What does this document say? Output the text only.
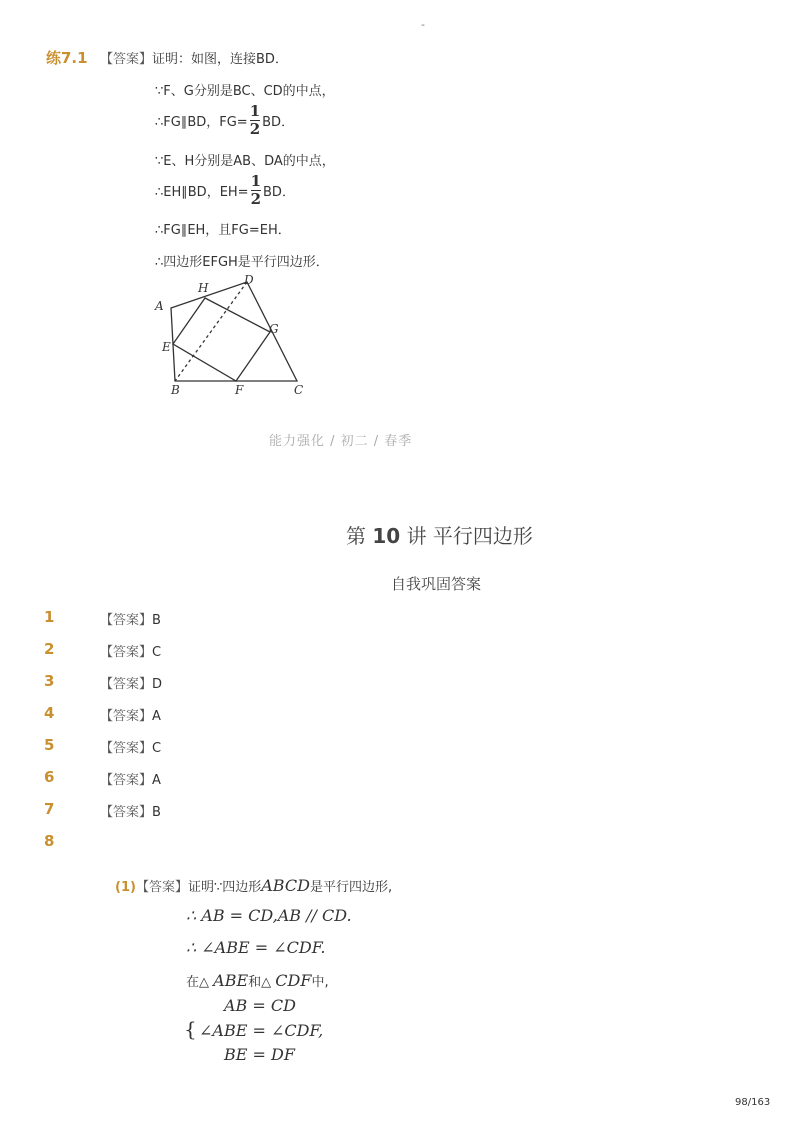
-
练7.1 【答案】证明：如图，连接BD．
∵F、G分别是BC、CD的中点，
∴FG∥BD，$FG= \frac{1}{2}$ BD．
∵E、H分别是AB、DA的中点，
∴EH∥BD，$EH= \frac{1}{2}$ BD．
∴FG∥EH，且FG=EH．
∴四边形EFGH是平行四边形．
A
B	C
D
E
F
G
H
能力强化 / 初二 / 春季
第 10 讲 平行四边形
自我巩固答案
1	【答案】B
2	【答案】C
3	【答案】D
4	【答案】A
5	【答案】C
6	【答案】A
7	【答案】B
8
(1)【答案】证明∵四边形ABCD是平行四边形,
∴ AB = CD,AB // CD.
∴ ∠ABE = ∠CDF.
在△ ABE和△ CDF中,
{
AB = CD
∠ABE = ∠CDF,
BE = DF
98/163
